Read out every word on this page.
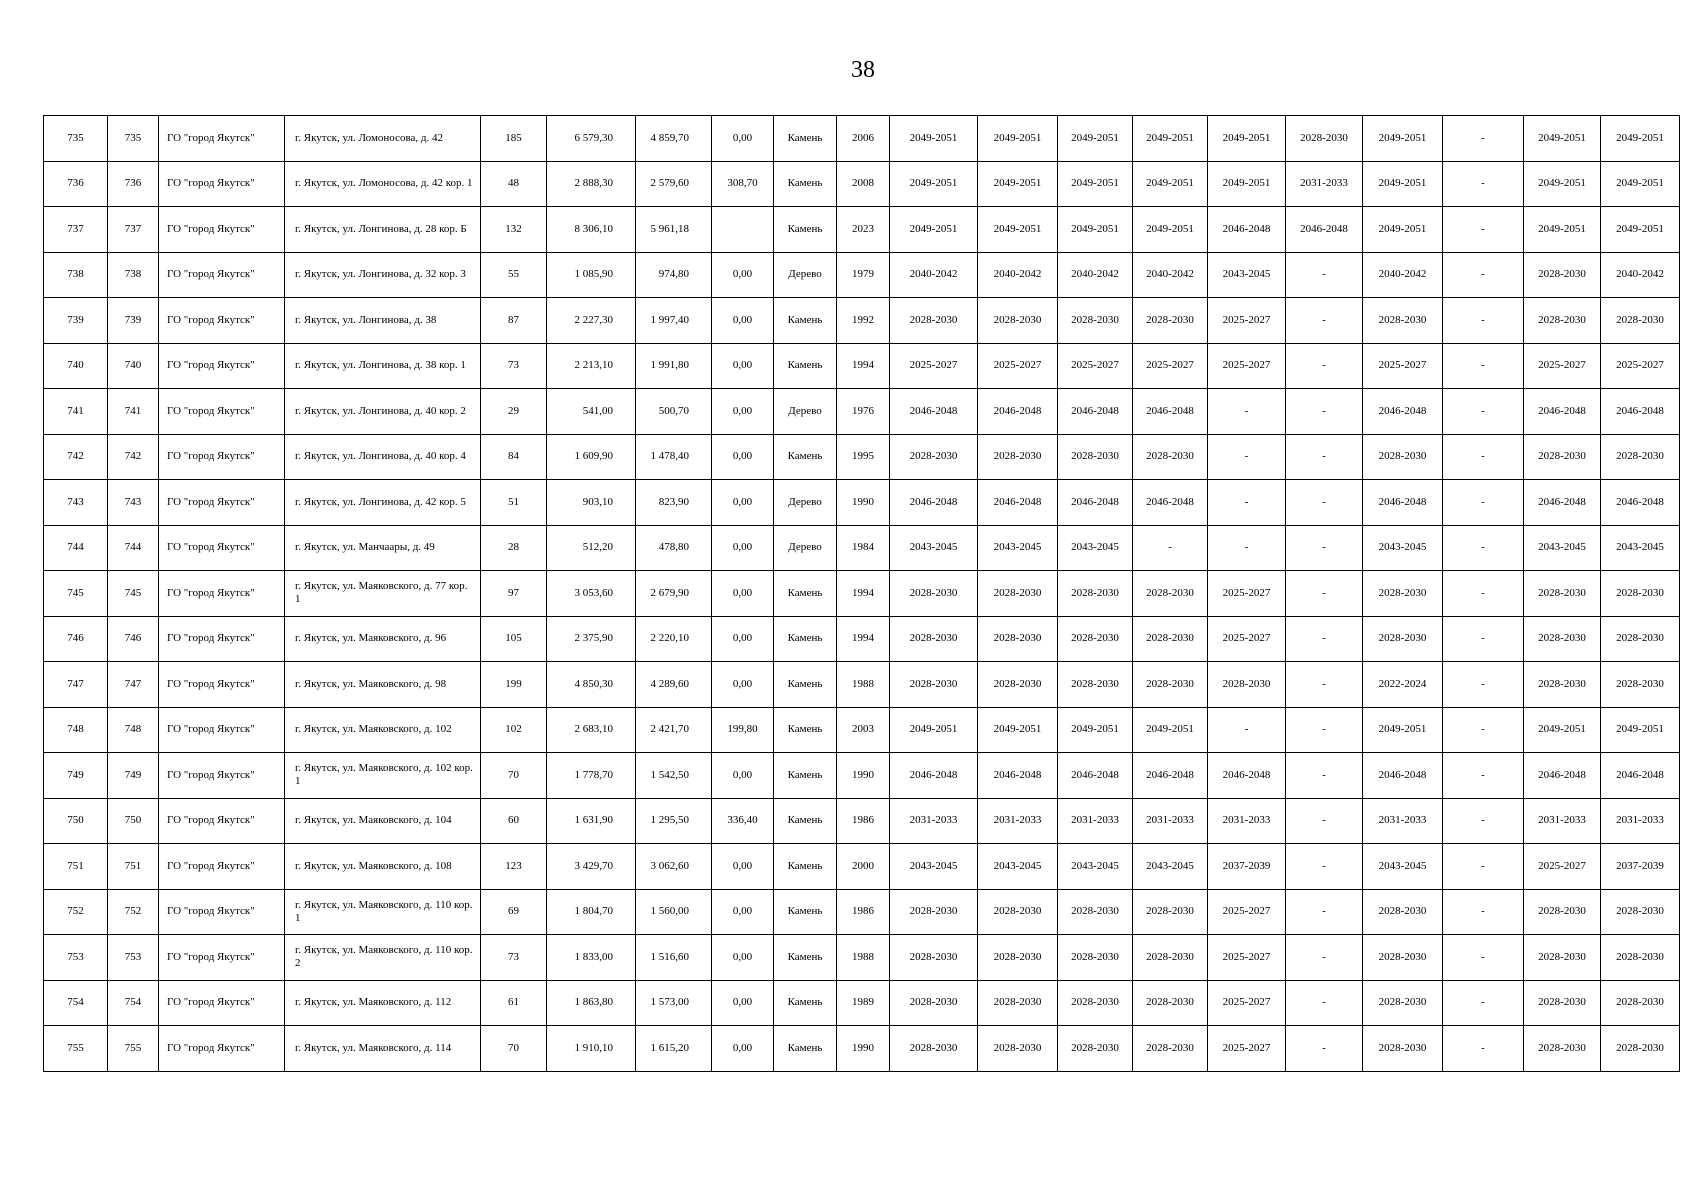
38
735	735	ГО "город Якутск"	г. Якутск, ул. Ломоносова, д. 42	185	6 579,30	4 859,70	0,00	Камень	2006	2049-2051	2049-2051	2049-2051	2049-2051	2049-2051	2028-2030	2049-2051	-	2049-2051	2049-2051
736	736	ГО "город Якутск"	г. Якутск, ул. Ломоносова, д. 42 кор. 1	48	2 888,30	2 579,60	308,70	Камень	2008	2049-2051	2049-2051	2049-2051	2049-2051	2049-2051	2031-2033	2049-2051	-	2049-2051	2049-2051
737	737	ГО "город Якутск"	г. Якутск, ул. Лонгинова, д. 28 кор. Б	132	8 306,10	5 961,18		Камень	2023	2049-2051	2049-2051	2049-2051	2049-2051	2046-2048	2046-2048	2049-2051	-	2049-2051	2049-2051
738	738	ГО "город Якутск"	г. Якутск, ул. Лонгинова, д. 32 кор. 3	55	1 085,90	974,80	0,00	Дерево	1979	2040-2042	2040-2042	2040-2042	2040-2042	2043-2045	-	2040-2042	-	2028-2030	2040-2042
739	739	ГО "город Якутск"	г. Якутск, ул. Лонгинова, д. 38	87	2 227,30	1 997,40	0,00	Камень	1992	2028-2030	2028-2030	2028-2030	2028-2030	2025-2027	-	2028-2030	-	2028-2030	2028-2030
740	740	ГО "город Якутск"	г. Якутск, ул. Лонгинова, д. 38 кор. 1	73	2 213,10	1 991,80	0,00	Камень	1994	2025-2027	2025-2027	2025-2027	2025-2027	2025-2027	-	2025-2027	-	2025-2027	2025-2027
741	741	ГО "город Якутск"	г. Якутск, ул. Лонгинова, д. 40 кор. 2	29	541,00	500,70	0,00	Дерево	1976	2046-2048	2046-2048	2046-2048	2046-2048	-	-	2046-2048	-	2046-2048	2046-2048
742	742	ГО "город Якутск"	г. Якутск, ул. Лонгинова, д. 40 кор. 4	84	1 609,90	1 478,40	0,00	Камень	1995	2028-2030	2028-2030	2028-2030	2028-2030	-	-	2028-2030	-	2028-2030	2028-2030
743	743	ГО "город Якутск"	г. Якутск, ул. Лонгинова, д. 42 кор. 5	51	903,10	823,90	0,00	Дерево	1990	2046-2048	2046-2048	2046-2048	2046-2048	-	-	2046-2048	-	2046-2048	2046-2048
744	744	ГО "город Якутск"	г. Якутск, ул. Манчаары, д. 49	28	512,20	478,80	0,00	Дерево	1984	2043-2045	2043-2045	2043-2045	-	-	-	2043-2045	-	2043-2045	2043-2045
745	745	ГО "город Якутск"	г. Якутск, ул. Маяковского, д. 77 кор. 1	97	3 053,60	2 679,90	0,00	Камень	1994	2028-2030	2028-2030	2028-2030	2028-2030	2025-2027	-	2028-2030	-	2028-2030	2028-2030
746	746	ГО "город Якутск"	г. Якутск, ул. Маяковского, д. 96	105	2 375,90	2 220,10	0,00	Камень	1994	2028-2030	2028-2030	2028-2030	2028-2030	2025-2027	-	2028-2030	-	2028-2030	2028-2030
747	747	ГО "город Якутск"	г. Якутск, ул. Маяковского, д. 98	199	4 850,30	4 289,60	0,00	Камень	1988	2028-2030	2028-2030	2028-2030	2028-2030	2028-2030	-	2022-2024	-	2028-2030	2028-2030
748	748	ГО "город Якутск"	г. Якутск, ул. Маяковского, д. 102	102	2 683,10	2 421,70	199,80	Камень	2003	2049-2051	2049-2051	2049-2051	2049-2051	-	-	2049-2051	-	2049-2051	2049-2051
749	749	ГО "город Якутск"	г. Якутск, ул. Маяковского, д. 102 кор. 1	70	1 778,70	1 542,50	0,00	Камень	1990	2046-2048	2046-2048	2046-2048	2046-2048	2046-2048	-	2046-2048	-	2046-2048	2046-2048
750	750	ГО "город Якутск"	г. Якутск, ул. Маяковского, д. 104	60	1 631,90	1 295,50	336,40	Камень	1986	2031-2033	2031-2033	2031-2033	2031-2033	2031-2033	-	2031-2033	-	2031-2033	2031-2033
751	751	ГО "город Якутск"	г. Якутск, ул. Маяковского, д. 108	123	3 429,70	3 062,60	0,00	Камень	2000	2043-2045	2043-2045	2043-2045	2043-2045	2037-2039	-	2043-2045	-	2025-2027	2037-2039
752	752	ГО "город Якутск"	г. Якутск, ул. Маяковского, д. 110 кор. 1	69	1 804,70	1 560,00	0,00	Камень	1986	2028-2030	2028-2030	2028-2030	2028-2030	2025-2027	-	2028-2030	-	2028-2030	2028-2030
753	753	ГО "город Якутск"	г. Якутск, ул. Маяковского, д. 110 кор. 2	73	1 833,00	1 516,60	0,00	Камень	1988	2028-2030	2028-2030	2028-2030	2028-2030	2025-2027	-	2028-2030	-	2028-2030	2028-2030
754	754	ГО "город Якутск"	г. Якутск, ул. Маяковского, д. 112	61	1 863,80	1 573,00	0,00	Камень	1989	2028-2030	2028-2030	2028-2030	2028-2030	2025-2027	-	2028-2030	-	2028-2030	2028-2030
755	755	ГО "город Якутск"	г. Якутск, ул. Маяковского, д. 114	70	1 910,10	1 615,20	0,00	Камень	1990	2028-2030	2028-2030	2028-2030	2028-2030	2025-2027	-	2028-2030	-	2028-2030	2028-2030
